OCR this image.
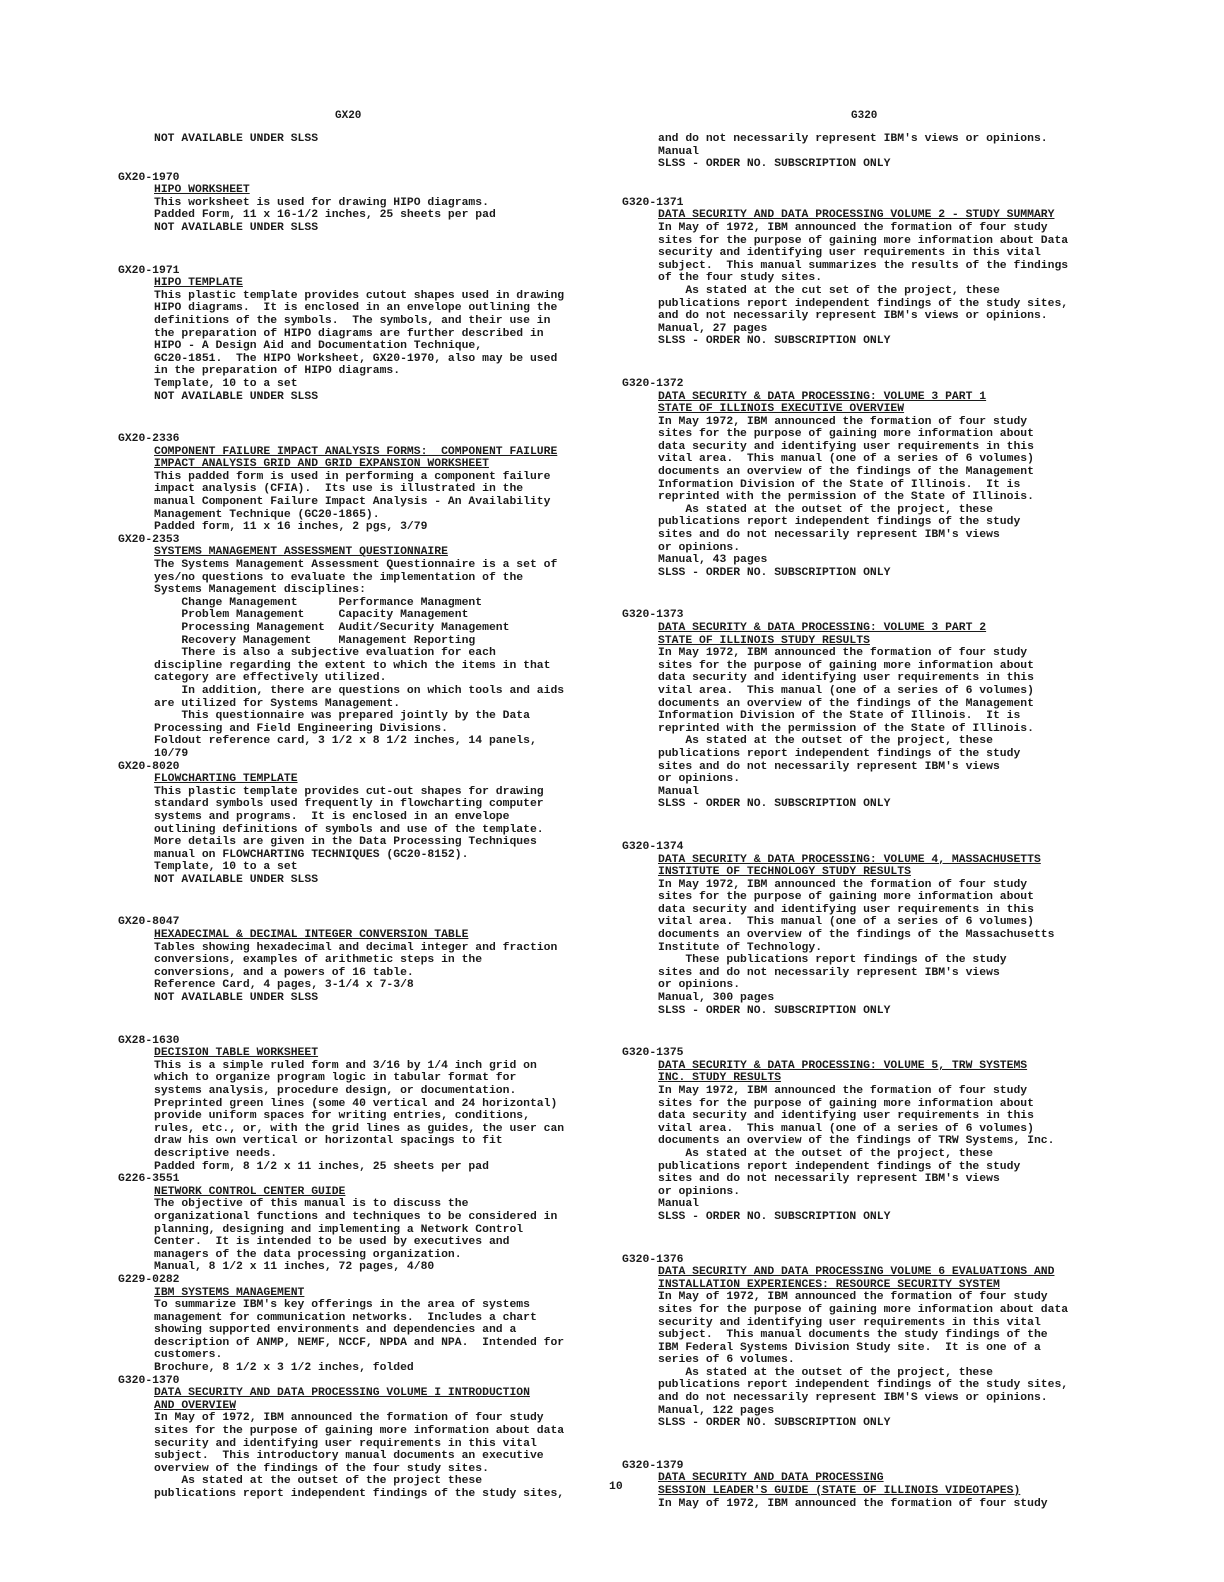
GX20	G320
NOT AVAILABLE UNDER SLSS
GX20-1970
HIPO WORKSHEET
This worksheet is used for drawing HIPO diagrams.
Padded Form, 11 x 16-1/2 inches, 25 sheets per pad
NOT AVAILABLE UNDER SLSS
GX20-1971
HIPO TEMPLATE
This plastic template provides cutout shapes used in drawing
HIPO diagrams.  It is enclosed in an envelope outlining the
definitions of the symbols.  The symbols, and their use in
the preparation of HIPO diagrams are further described in
HIPO - A Design Aid and Documentation Technique,
GC20-1851.  The HIPO Worksheet, GX20-1970, also may be used
in the preparation of HIPO diagrams.
Template, 10 to a set
NOT AVAILABLE UNDER SLSS
GX20-2336
COMPONENT FAILURE IMPACT ANALYSIS FORMS:  COMPONENT FAILURE
IMPACT ANALYSIS GRID AND GRID EXPANSION WORKSHEET
This padded form is used in performing a component failure
impact analysis (CFIA).  Its use is illustrated in the
manual Component Failure Impact Analysis - An Availability
Management Technique (GC20-1865).
Padded form, 11 x 16 inches, 2 pgs, 3/79
GX20-2353
SYSTEMS MANAGEMENT ASSESSMENT QUESTIONNAIRE
The Systems Management Assessment Questionnaire is a set of
yes/no questions to evaluate the implementation of the
Systems Management disciplines:
Change Management      Performance Managment
Problem Management     Capacity Management
Processing Management  Audit/Security Management
Recovery Management    Management Reporting
There is also a subjective evaluation for each
discipline regarding the extent to which the items in that
category are effectively utilized.
In addition, there are questions on which tools and aids
are utilized for Systems Management.
This questionnaire was prepared jointly by the Data
Processing and Field Engineering Divisions.
Foldout reference card, 3 1/2 x 8 1/2 inches, 14 panels,
10/79
GX20-8020
FLOWCHARTING TEMPLATE
This plastic template provides cut-out shapes for drawing
standard symbols used frequently in flowcharting computer
systems and programs.  It is enclosed in an envelope
outlining definitions of symbols and use of the template.
More details are given in the Data Processing Techniques
manual on FLOWCHARTING TECHNIQUES (GC20-8152).
Template, 10 to a set
NOT AVAILABLE UNDER SLSS
GX20-8047
HEXADECIMAL & DECIMAL INTEGER CONVERSION TABLE
Tables showing hexadecimal and decimal integer and fraction
conversions, examples of arithmetic steps in the
conversions, and a powers of 16 table.
Reference Card, 4 pages, 3-1/4 x 7-3/8
NOT AVAILABLE UNDER SLSS
GX28-1630
DECISION TABLE WORKSHEET
This is a simple ruled form and 3/16 by 1/4 inch grid on
which to organize program logic in tabular format for
systems analysis, procedure design, or documentation.
Preprinted green lines (some 40 vertical and 24 horizontal)
provide uniform spaces for writing entries, conditions,
rules, etc., or, with the grid lines as guides, the user can
draw his own vertical or horizontal spacings to fit
descriptive needs.
Padded form, 8 1/2 x 11 inches, 25 sheets per pad
G226-3551
NETWORK CONTROL CENTER GUIDE
The objective of this manual is to discuss the
organizational functions and techniques to be considered in
planning, designing and implementing a Network Control
Center.  It is intended to be used by executives and
managers of the data processing organization.
Manual, 8 1/2 x 11 inches, 72 pages, 4/80
G229-0282
IBM SYSTEMS MANAGEMENT
To summarize IBM's key offerings in the area of systems
management for communication networks.  Includes a chart
showing supported environments and dependencies and a
description of ANMP, NEMF, NCCF, NPDA and NPA.  Intended for
customers.
Brochure, 8 1/2 x 3 1/2 inches, folded
G320-1370
DATA SECURITY AND DATA PROCESSING VOLUME I INTRODUCTION
AND OVERVIEW
In May of 1972, IBM announced the formation of four study
sites for the purpose of gaining more information about data
security and identifying user requirements in this vital
subject.  This introductory manual documents an executive
overview of the findings of the four study sites.
As stated at the outset of the project these
publications report independent findings of the study sites,
and do not necessarily represent IBM's views or opinions.
Manual
SLSS - ORDER NO. SUBSCRIPTION ONLY
G320-1371
DATA SECURITY AND DATA PROCESSING VOLUME 2 - STUDY SUMMARY
In May of 1972, IBM announced the formation of four study
sites for the purpose of gaining more information about Data
security and identifying user requirements in this vital
subject.  This manual summarizes the results of the findings
of the four study sites.
As stated at the cut set of the project, these
publications report independent findings of the study sites,
and do not necessarily represent IBM's views or opinions.
Manual, 27 pages
SLSS - ORDER NO. SUBSCRIPTION ONLY
G320-1372
DATA SECURITY & DATA PROCESSING: VOLUME 3 PART 1
STATE OF ILLINOIS EXECUTIVE OVERVIEW
In May 1972, IBM announced the formation of four study
sites for the purpose of gaining more information about
data security and identifying user requirements in this
vital area.  This manual (one of a series of 6 volumes)
documents an overview of the findings of the Management
Information Division of the State of Illinois.  It is
reprinted with the permission of the State of Illinois.
As stated at the outset of the project, these
publications report independent findings of the study
sites and do not necessarily represent IBM's views
or opinions.
Manual, 43 pages
SLSS - ORDER NO. SUBSCRIPTION ONLY
G320-1373
DATA SECURITY & DATA PROCESSING: VOLUME 3 PART 2
STATE OF ILLINOIS STUDY RESULTS
In May 1972, IBM announced the formation of four study
sites for the purpose of gaining more information about
data security and identifying user requirements in this
vital area.  This manual (one of a series of 6 volumes)
documents an overview of the findings of the Management
Information Division of the State of Illinois.  It is
reprinted with the permission of the State of Illinois.
As stated at the outset of the project, these
publications report independent findings of the study
sites and do not necessarily represent IBM's views
or opinions.
Manual
SLSS - ORDER NO. SUBSCRIPTION ONLY
G320-1374
DATA SECURITY & DATA PROCESSING: VOLUME 4, MASSACHUSETTS
INSTITUTE OF TECHNOLOGY STUDY RESULTS
In May 1972, IBM announced the formation of four study
sites for the purpose of gaining more information about
data security and identifying user requirements in this
vital area.  This manual (one of a series of 6 volumes)
documents an overview of the findings of the Massachusetts
Institute of Technology.
These publications report findings of the study
sites and do not necessarily represent IBM's views
or opinions.
Manual, 300 pages
SLSS - ORDER NO. SUBSCRIPTION ONLY
G320-1375
DATA SECURITY & DATA PROCESSING: VOLUME 5, TRW SYSTEMS
INC. STUDY RESULTS
In May 1972, IBM announced the formation of four study
sites for the purpose of gaining more information about
data security and identifying user requirements in this
vital area.  This manual (one of a series of 6 volumes)
documents an overview of the findings of TRW Systems, Inc.
As stated at the outset of the project, these
publications report independent findings of the study
sites and do not necessarily represent IBM's views
or opinions.
Manual
SLSS - ORDER NO. SUBSCRIPTION ONLY
G320-1376
DATA SECURITY AND DATA PROCESSING VOLUME 6 EVALUATIONS AND
INSTALLATION EXPERIENCES: RESOURCE SECURITY SYSTEM
In May of 1972, IBM announced the formation of four study
sites for the purpose of gaining more information about data
security and identifying user requirements in this vital
subject.  This manual documents the study findings of the
IBM Federal Systems Division Study site.  It is one of a
series of 6 volumes.
As stated at the outset of the project, these
publications report independent findings of the study sites,
and do not necessarily represent IBM'S views or opinions.
Manual, 122 pages
SLSS - ORDER NO. SUBSCRIPTION ONLY
G320-1379
DATA SECURITY AND DATA PROCESSING
SESSION LEADER'S GUIDE (STATE OF ILLINOIS VIDEOTAPES)
In May of 1972, IBM announced the formation of four study
10
